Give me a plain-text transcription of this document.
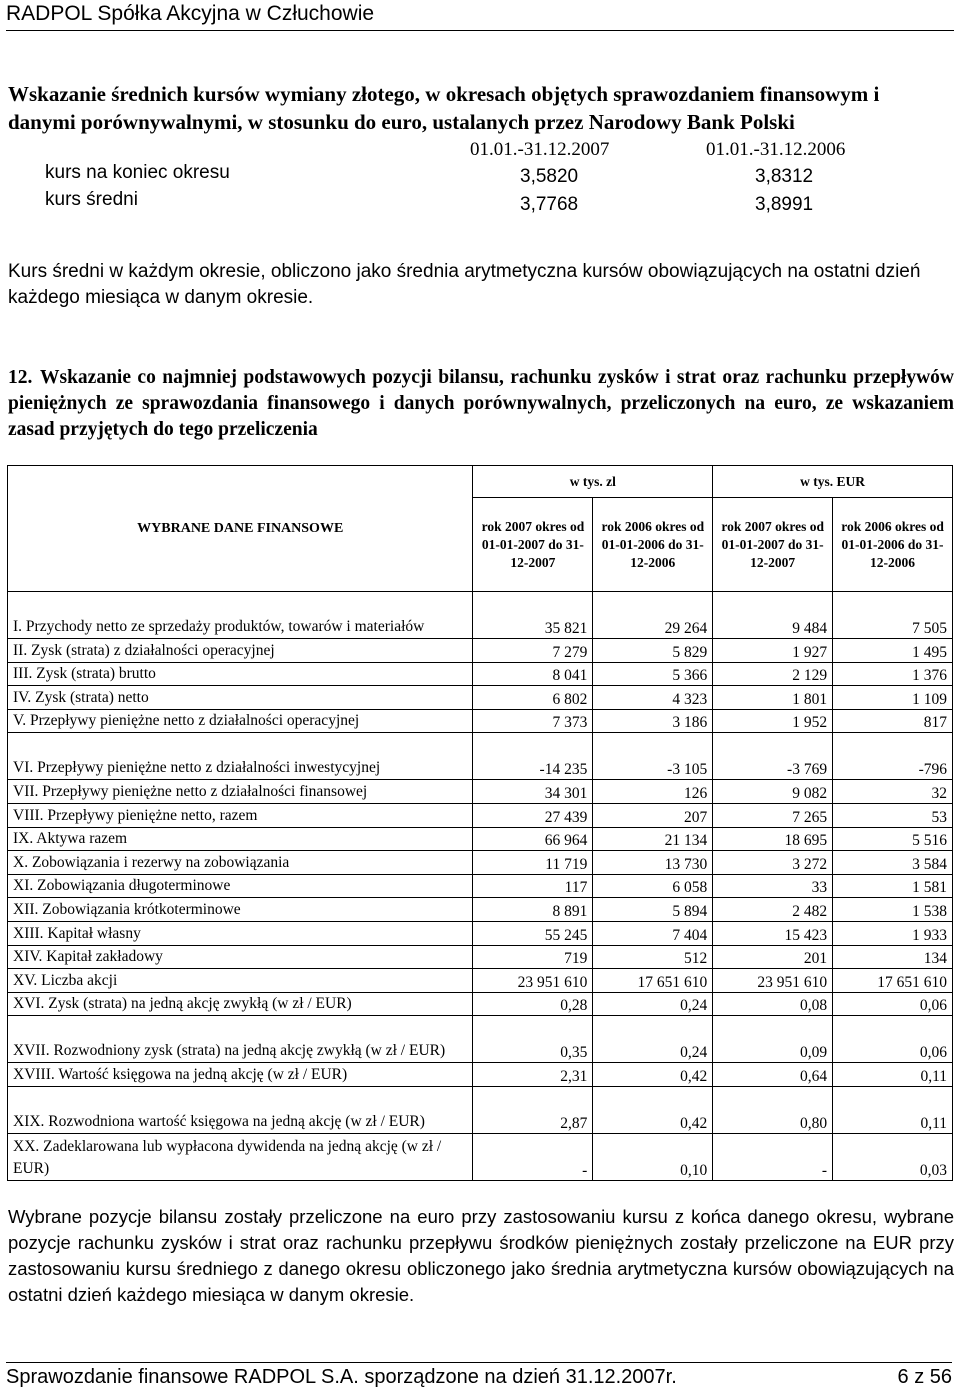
RADPOL Spółka Akcyjna w Człuchowie
Wskazanie średnich kursów wymiany złotego, w okresach objętych sprawozdaniem finansowym i danymi porównywalnymi, w stosunku do euro, ustalanych przez Narodowy Bank Polski
01.01.-31.12.2007	01.01.-31.12.2006
kurs na koniec okresu	3,5820	3,8312
kurs średni	3,7768	3,8991
Kurs średni w każdym okresie, obliczono jako średnia arytmetyczna kursów obowiązujących na ostatni dzień każdego miesiąca w danym okresie.
12. Wskazanie co najmniej podstawowych pozycji bilansu, rachunku zysków i strat oraz rachunku przepływów pieniężnych ze sprawozdania finansowego i danych porównywalnych, przeliczonych na euro, ze wskazaniem zasad przyjętych do tego przeliczenia
WYBRANE DANE FINANSOWE	w tys. zl		w tys. EUR	
	rok 2007 okres od 01-01-2007 do 31-12-2007	rok 2006 okres od 01-01-2006 do 31-12-2006	rok 2007 okres od 01-01-2007 do 31-12-2007	rok 2006 okres od 01-01-2006 do 31-12-2006
I. Przychody netto ze sprzedaży produktów, towarów i materiałów	35 821	29 264	9 484	7 505
II. Zysk (strata) z działalności operacyjnej	7 279	5 829	1 927	1 495
III. Zysk (strata) brutto	8 041	5 366	2 129	1 376
IV. Zysk (strata) netto	6 802	4 323	1 801	1 109
V. Przepływy pieniężne netto z działalności operacyjnej	7 373	3 186	1 952	817
VI. Przepływy pieniężne netto z działalności inwestycyjnej	-14 235	-3 105	-3 769	-796
VII. Przepływy pieniężne netto z działalności finansowej	34 301	126	9 082	32
VIII. Przepływy pieniężne netto, razem	27 439	207	7 265	53
IX. Aktywa razem	66 964	21 134	18 695	5 516
X. Zobowiązania i rezerwy na zobowiązania	11 719	13 730	3 272	3 584
XI. Zobowiązania długoterminowe	117	6 058	33	1 581
XII. Zobowiązania krótkoterminowe	8 891	5 894	2 482	1 538
XIII. Kapitał własny	55 245	7 404	15 423	1 933
XIV. Kapitał zakładowy	719	512	201	134
XV. Liczba akcji	23 951 610	17 651 610	23 951 610	17 651 610
XVI. Zysk (strata) na jedną akcję zwykłą (w zł / EUR)	0,28	0,24	0,08	0,06
XVII. Rozwodniony zysk (strata) na jedną akcję zwykłą (w zł / EUR)	0,35	0,24	0,09	0,06
XVIII. Wartość księgowa na jedną akcję (w zł / EUR)	2,31	0,42	0,64	0,11
XIX. Rozwodniona wartość księgowa na jedną akcję (w zł / EUR)	2,87	0,42	0,80	0,11
XX. Zadeklarowana lub wypłacona dywidenda na jedną akcję (w zł / EUR)	-	0,10	-	0,03
Wybrane pozycje bilansu zostały przeliczone na euro przy zastosowaniu kursu z końca danego okresu, wybrane pozycje rachunku zysków i strat oraz rachunku przepływu środków pieniężnych zostały przeliczone na EUR przy zastosowaniu kursu średniego z danego okresu obliczonego jako średnia arytmetyczna kursów obowiązujących na ostatni dzień każdego miesiąca w danym okresie.
Sprawozdanie finansowe RADPOL S.A. sporządzone na dzień 31.12.2007r.	6 z 56
